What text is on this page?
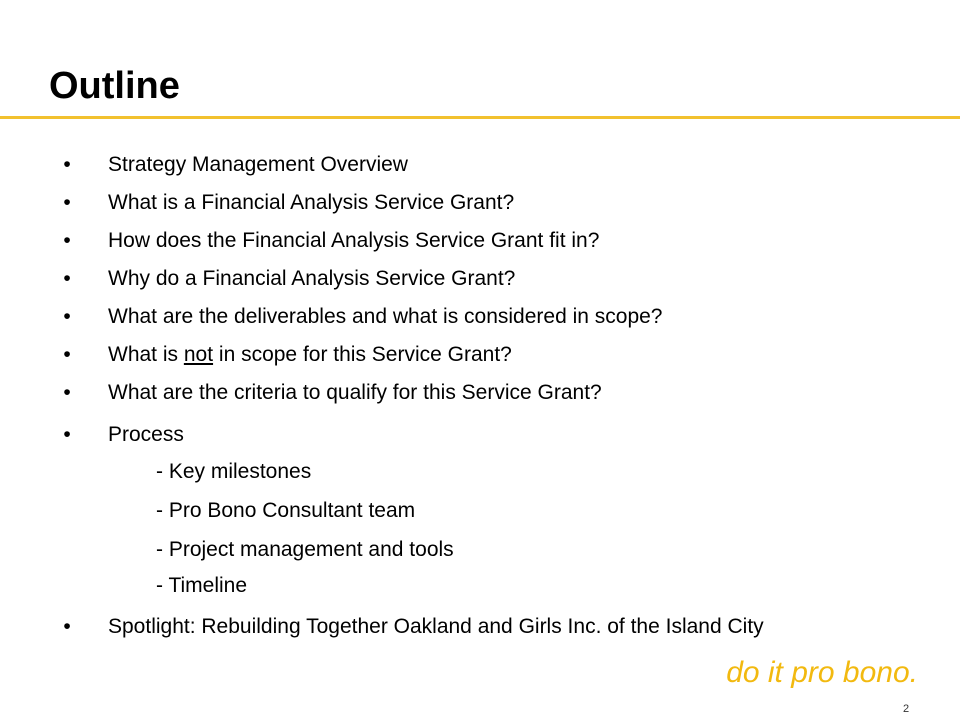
Outline
• Strategy Management Overview
• What is a Financial Analysis Service Grant?
• How does the Financial Analysis Service Grant fit in?
• Why do a Financial Analysis Service Grant?
• What are the deliverables and what is considered in scope?
• What is not in scope for this Service Grant?
• What are the criteria to qualify for this Service Grant?
• Process
- Key milestones
- Pro Bono Consultant team
- Project management and tools
- Timeline
• Spotlight: Rebuilding Together Oakland and Girls Inc. of the Island City
do it pro bono.
2
